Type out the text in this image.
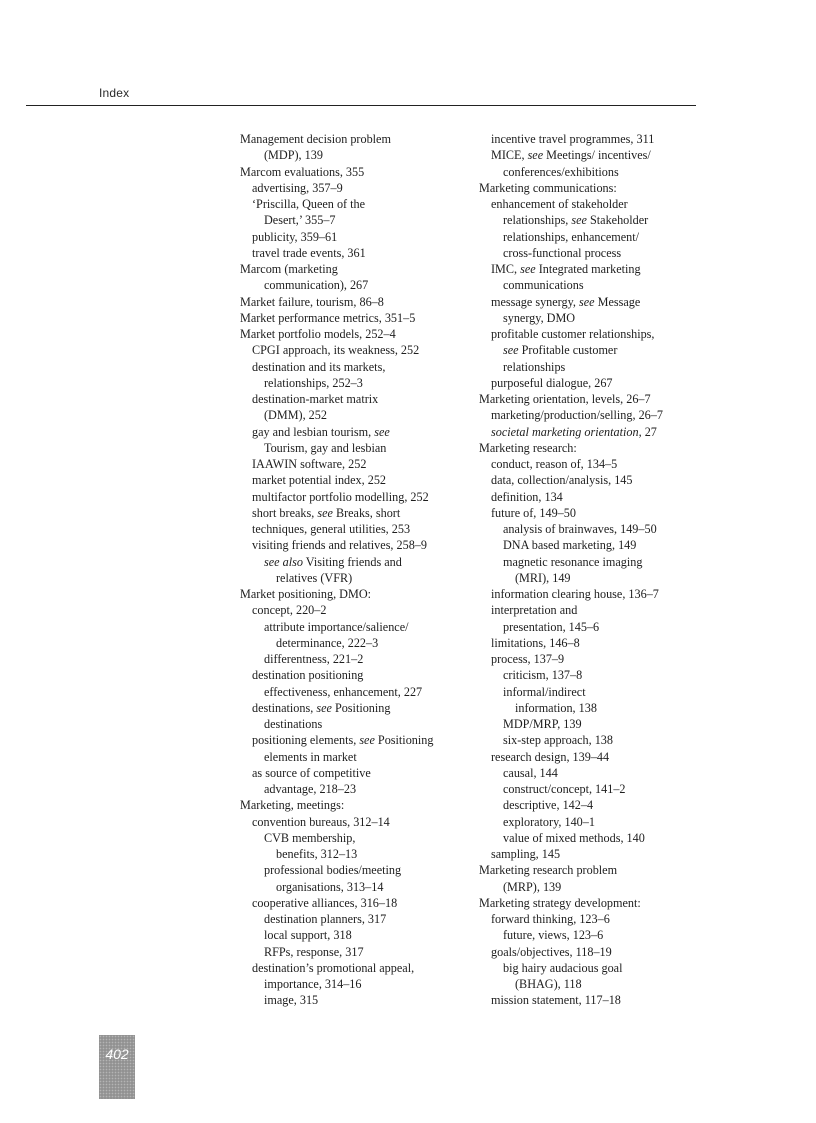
Index
Management decision problem
(MDP), 139
Marcom evaluations, 355
advertising, 357–9
‘Priscilla, Queen of the
Desert,’ 355–7
publicity, 359–61
travel trade events, 361
Marcom (marketing
communication), 267
Market failure, tourism, 86–8
Market performance metrics, 351–5
Market portfolio models, 252–4
CPGI approach, its weakness, 252
destination and its markets,
relationships, 252–3
destination-market matrix
(DMM), 252
gay and lesbian tourism, see
Tourism, gay and lesbian
IAAWIN software, 252
market potential index, 252
multifactor portfolio modelling, 252
short breaks, see Breaks, short
techniques, general utilities, 253
visiting friends and relatives, 258–9
see also Visiting friends and
relatives (VFR)
Market positioning, DMO:
concept, 220–2
attribute importance/salience/
determinance, 222–3
differentness, 221–2
destination positioning
effectiveness, enhancement, 227
destinations, see Positioning
destinations
positioning elements, see Positioning
elements in market
as source of competitive
advantage, 218–23
Marketing, meetings:
convention bureaus, 312–14
CVB membership,
benefits, 312–13
professional bodies/meeting
organisations, 313–14
cooperative alliances, 316–18
destination planners, 317
local support, 318
RFPs, response, 317
destination’s promotional appeal,
importance, 314–16
image, 315
incentive travel programmes, 311
MICE, see Meetings/ incentives/
conferences/exhibitions
Marketing communications:
enhancement of stakeholder
relationships, see Stakeholder
relationships, enhancement/
cross-functional process
IMC, see Integrated marketing
communications
message synergy, see Message
synergy, DMO
profitable customer relationships,
see Profitable customer
relationships
purposeful dialogue, 267
Marketing orientation, levels, 26–7
marketing/production/selling, 26–7
societal marketing orientation, 27
Marketing research:
conduct, reason of, 134–5
data, collection/analysis, 145
definition, 134
future of, 149–50
analysis of brainwaves, 149–50
DNA based marketing, 149
magnetic resonance imaging
(MRI), 149
information clearing house, 136–7
interpretation and
presentation, 145–6
limitations, 146–8
process, 137–9
criticism, 137–8
informal/indirect
information, 138
MDP/MRP, 139
six-step approach, 138
research design, 139–44
causal, 144
construct/concept, 141–2
descriptive, 142–4
exploratory, 140–1
value of mixed methods, 140
sampling, 145
Marketing research problem
(MRP), 139
Marketing strategy development:
forward thinking, 123–6
future, views, 123–6
goals/objectives, 118–19
big hairy audacious goal
(BHAG), 118
mission statement, 117–18
402
